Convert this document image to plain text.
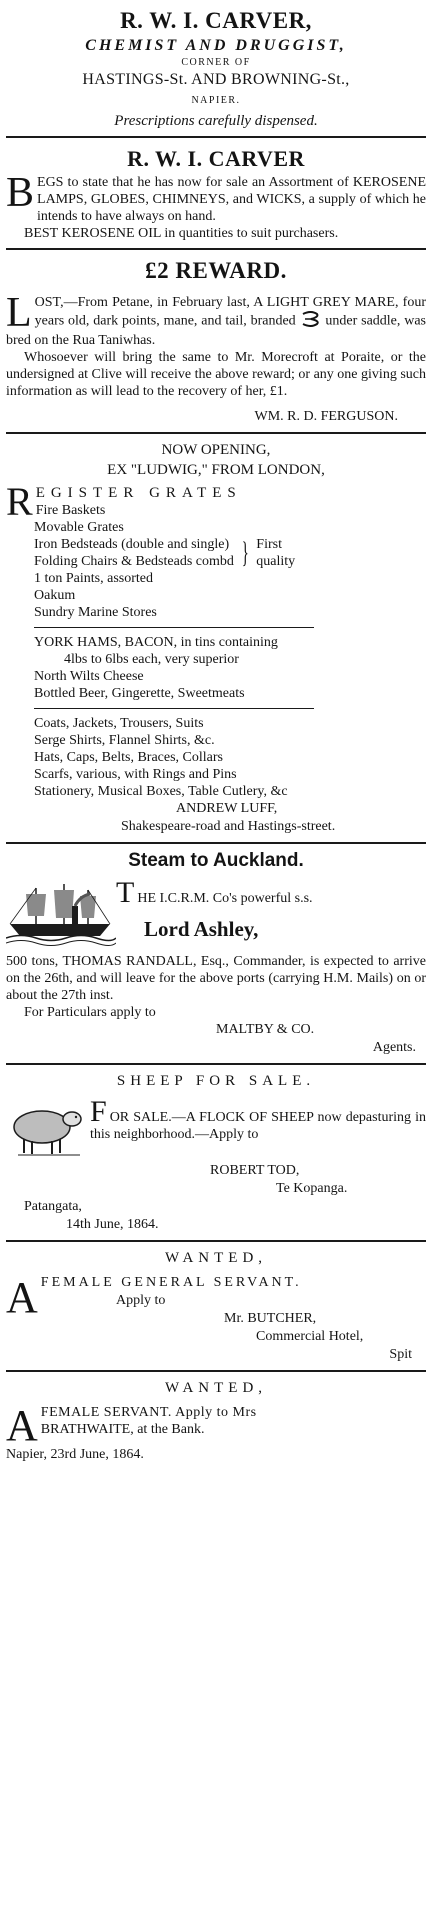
R. W. I. CARVER,

CHEMIST AND DRUGGIST,

CORNER OF

HASTINGS-St. AND BROWNING-St.,

NAPIER.

Prescriptions carefully dispensed.

R. W. I. CARVER

BEGS to state that he has now for sale an Assortment of KEROSENE LAMPS, GLOBES, CHIMNEYS, and WICKS, a supply of which he intends to have always on hand.

BEST KEROSENE OIL in quantities to suit purchasers.

£2 REWARD.

LOST,—From Petane, in February last, A LIGHT GREY MARE, four years old, dark points, mane, and tail, branded under saddle, was bred on the Rua Taniwhas.

Whosoever will bring the same to Mr. Morecroft at Poraite, or the undersigned at Clive will receive the above reward; or any one giving such information as will lead to the recovery of her, £1.

WM. R. D. FERGUSON.

NOW OPENING,

EX "LUDWIG," FROM LONDON,

R EGISTER GRATES

Fire Baskets

Movable Grates

Iron Bedsteads (double and single)

Folding Chairs & Bedsteads combd } First quality

1 ton Paints, assorted

Oakum

Sundry Marine Stores

YORK HAMS, BACON, in tins containing

4lbs to 6lbs each, very superior

North Wilts Cheese

Bottled Beer, Gingerette, Sweetmeats

Coats, Jackets, Trousers, Suits

Serge Shirts, Flannel Shirts, &c.

Hats, Caps, Belts, Braces, Collars

Scarfs, various, with Rings and Pins

Stationery, Musical Boxes, Table Cutlery, &c

ANDREW LUFF,

Shakespeare-road and Hastings-street.

Steam to Auckland.

THE I.C.R.M. Co's powerful s.s.

Lord Ashley,

500 tons, THOMAS RANDALL, Esq., Commander, is expected to arrive on the 26th, and will leave for the above ports (carrying H.M. Mails) on or about the 27th inst.

For Particulars apply to

MALTBY & CO.

Agents.

SHEEP FOR SALE.

FOR SALE.—A FLOCK OF SHEEP now depasturing in this neighborhood.—Apply to

ROBERT TOD,

Te Kopanga.

Patangata,

14th June, 1864.

WANTED,

A FEMALE GENERAL SERVANT.

Apply to

Mr. BUTCHER,

Commercial Hotel,

Spit

WANTED,

A FEMALE SERVANT. Apply to Mrs

BRATHWAITE, at the Bank.

Napier, 23rd June, 1864.
